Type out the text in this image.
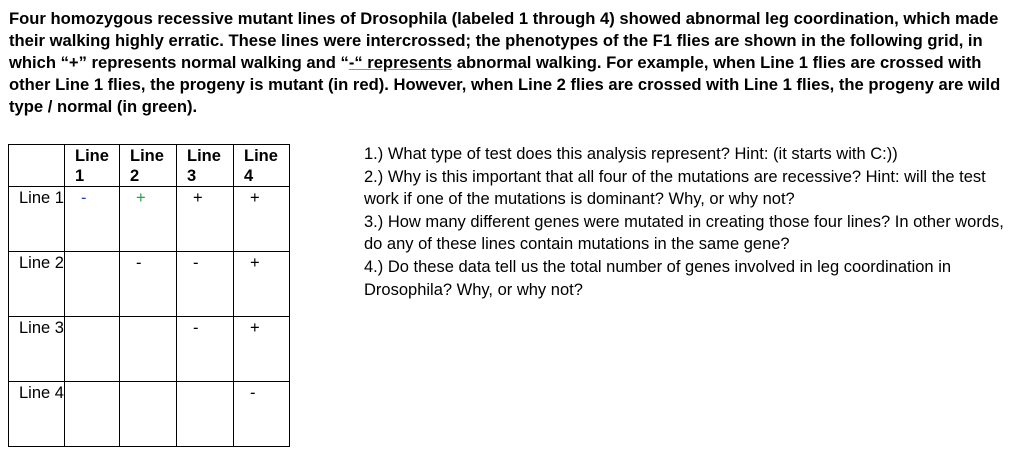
Four homozygous recessive mutant lines of Drosophila (labeled 1 through 4) showed abnormal leg coordination, which made their walking highly erratic. These lines were intercrossed; the phenotypes of the F1 flies are shown in the following grid, in which “+” represents normal walking and “-“ represents abnormal walking. For example, when Line 1 flies are crossed with other Line 1 flies, the progeny is mutant (in red). However, when Line 2 flies are crossed with Line 1 flies, the progeny are wild type / normal (in green).

	Line 1	Line 2	Line 3	Line 4
Line 1	-	+	+	+
Line 2		-	-	+
Line 3			-	+
Line 4				-
1.) What type of test does this analysis represent? Hint: (it starts with C:))
2.) Why is this important that all four of the mutations are recessive? Hint: will the test work if one of the mutations is dominant? Why, or why not?
3.) How many different genes were mutated in creating those four lines? In other words, do any of these lines contain mutations in the same gene?
4.) Do these data tell us the total number of genes involved in leg coordination in Drosophila? Why, or why not?
